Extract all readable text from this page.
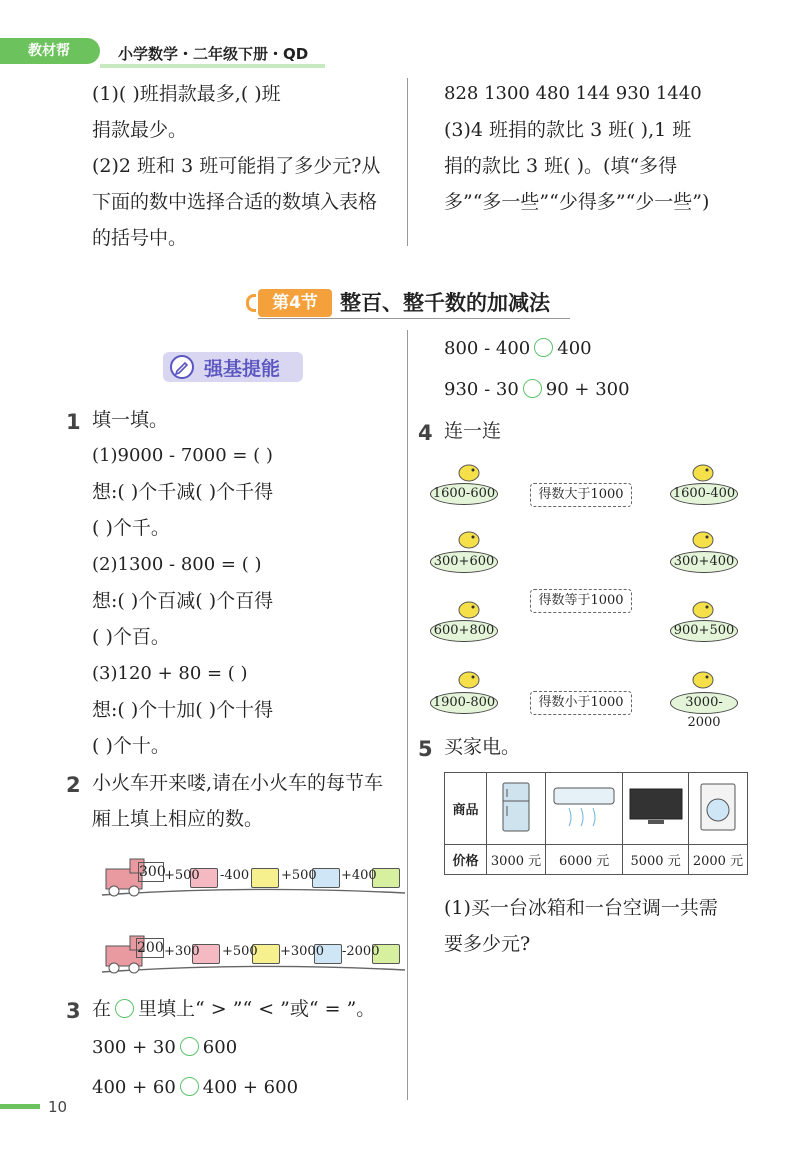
教材帮	小学数学・二年级下册・QD
(1)( )班捐款最多,( )班
捐款最少。
(2)2 班和 3 班可能捐了多少元?从
下面的数中选择合适的数填入表格
的括号中。
828 1300 480 144 930 1440
(3)4 班捐的款比 3 班( ),1 班
捐的款比 3 班( )。(填“多得
多”“多一些”“少得多”“少一些”)
第4节	整百、整千数的加减法
强基提能
1 填一填。
(1)9000 - 7000 = ( )
想:( )个千减( )个千得
( )个千。
(2)1300 - 800 = ( )
想:( )个百减( )个百得
( )个百。
(3)120 + 80 = ( )
想:( )个十加( )个十得
( )个十。
2 小火车开来喽,请在小火车的每节车
厢上填上相应的数。
300
+500 -400 +500 +400
200 +300 +500 +3000 -2000
3 在 里填上“ > ”“ < ”或“ = ”。
300 + 30 600
400 + 60 400 + 600
800 - 400 400
930 - 30 90 + 300
4 连一连
1600-600
300+600
600+800
1900-800
1600-400
300+400
900+500
3000-2000
得数大于1000
得数等于1000
得数小于1000
5 买家电。
商品				
价格	3000 元	6000 元	5000 元	2000 元
(1)买一台冰箱和一台空调一共需
要多少元?
10
